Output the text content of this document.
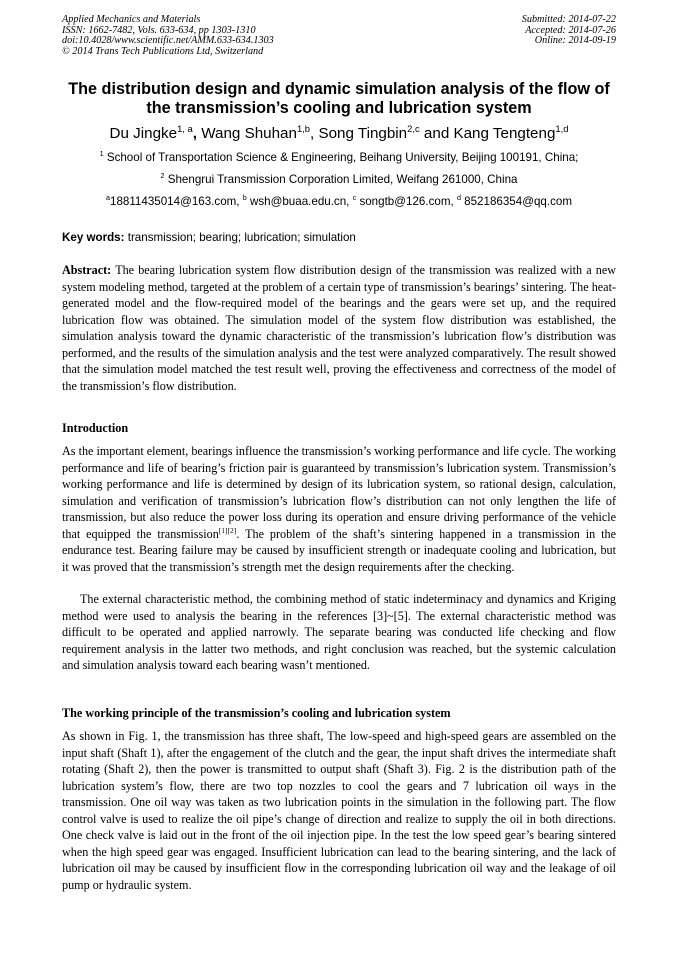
Applied Mechanics and Materials
ISSN: 1662-7482, Vols. 633-634, pp 1303-1310
doi:10.4028/www.scientific.net/AMM.633-634.1303
© 2014 Trans Tech Publications Ltd, Switzerland
Submitted: 2014-07-22
Accepted: 2014-07-26
Online: 2014-09-19
The distribution design and dynamic simulation analysis of the flow of the transmission’s cooling and lubrication system
Du Jingke$^{1, a}$, Wang Shuhan$^{1,b}$, Song Tingbin$^{2,c}$ and Kang Tengteng$^{1,d}$
$^1$ School of Transportation Science & Engineering, Beihang University, Beijing 100191, China;
$^2$ Shengrui Transmission Corporation Limited, Weifang 261000, China
$^a$18811435014@163.com, $^b$ wsh@buaa.edu.cn, $^c$ songtb@126.com, $^d$ 852186354@qq.com
Key words: transmission; bearing; lubrication; simulation
Abstract: The bearing lubrication system flow distribution design of the transmission was realized with a new system modeling method, targeted at the problem of a certain type of transmission’s bearings’ sintering. The heat-generated model and the flow-required model of the bearings and the gears were set up, and the required lubrication flow was obtained. The simulation model of the system flow distribution was established, the simulation analysis toward the dynamic characteristic of the transmission’s lubrication flow’s distribution was performed, and the results of the simulation analysis and the test were analyzed comparatively. The result showed that the simulation model matched the test result well, proving the effectiveness and correctness of the model of the transmission’s flow distribution.
Introduction
As the important element, bearings influence the transmission’s working performance and life cycle. The working performance and life of bearing’s friction pair is guaranteed by transmission’s lubrication system. Transmission’s working performance and life is determined by design of its lubrication system, so rational design, calculation, simulation and verification of transmission’s lubrication flow’s distribution can not only lengthen the life of transmission, but also reduce the power loss during its operation and ensure driving performance of the vehicle that equipped the transmission[1][2]. The problem of the shaft’s sintering happened in a transmission in the endurance test. Bearing failure may be caused by insufficient strength or inadequate cooling and lubrication, but it was proved that the transmission’s strength met the design requirements after the checking.
The external characteristic method, the combining method of static indeterminacy and dynamics and Kriging method were used to analysis the bearing in the references [3]~[5]. The external characteristic method was difficult to be operated and applied narrowly. The separate bearing was conducted life checking and flow requirement analysis in the latter two methods, and right conclusion was reached, but the systemic calculation and simulation analysis toward each bearing wasn’t mentioned.
The working principle of the transmission’s cooling and lubrication system
As shown in Fig. 1, the transmission has three shaft, The low-speed and high-speed gears are assembled on the input shaft (Shaft 1), after the engagement of the clutch and the gear, the input shaft drives the intermediate shaft rotating (Shaft 2), then the power is transmitted to output shaft (Shaft 3). Fig. 2 is the distribution path of the lubrication system’s flow, there are two top nozzles to cool the gears and 7 lubrication oil ways in the transmission. One oil way was taken as two lubrication points in the simulation in the following part. The flow control valve is used to realize the oil pipe’s change of direction and realize to supply the oil in both directions. One check valve is laid out in the front of the oil injection pipe. In the test the low speed gear’s bearing sintered when the high speed gear was engaged. Insufficient lubrication can lead to the bearing sintering, and the lack of lubrication oil may be caused by insufficient flow in the corresponding lubrication oil way and the leakage of oil pump or hydraulic system.
